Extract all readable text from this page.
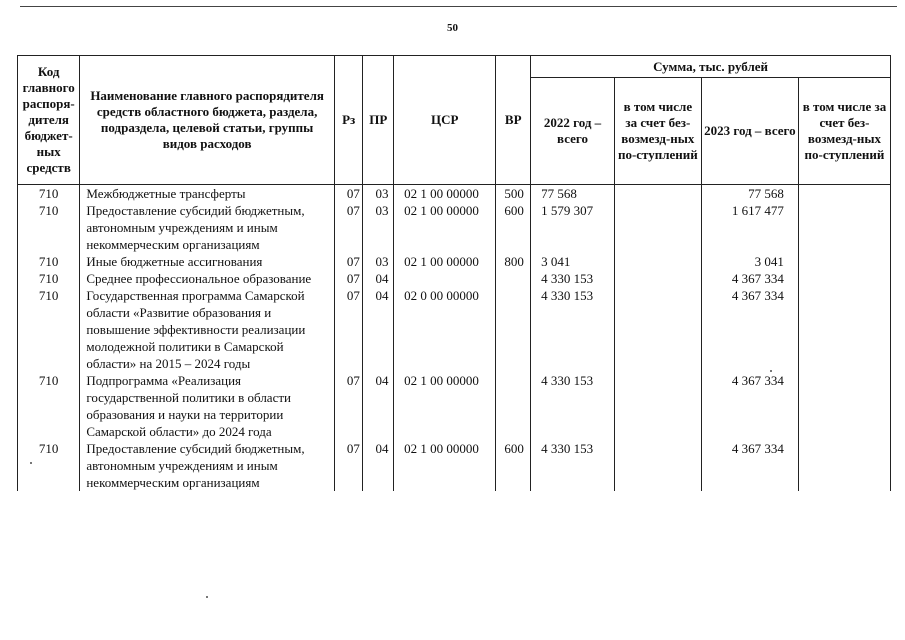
50
Код главного распоря-дителя бюджет-ных средств	Наименование главного распорядителя средств областного бюджета, раздела, подраздела, целевой статьи, группы видов расходов	Рз	ПР	ЦСР	ВР	Сумма, тыс. рублей			
						2022 год – всего	в том числе за счет без-возмезд-ных по-ступлений	2023 год – всего	в том числе за счет без-возмезд-ных по-ступлений
710	Межбюджетные трансферты	07	03	02 1 00 00000	500	77 568		77 568	
710	Предоставление субсидий бюджетным, автономным учреждениям и иным некоммерческим организациям	07	03	02 1 00 00000	600	1 579 307		1 617 477	
710	Иные бюджетные ассигнования	07	03	02 1 00 00000	800	3 041		3 041	
710	Среднее профессиональное образование	07	04			4 330 153		4 367 334	
710	Государственная программа Самарской области «Развитие образования и повышение эффективности реализации молодежной политики в Самарской области» на 2015 – 2024 годы	07	04	02 0 00 00000		4 330 153		4 367 334	
710	Подпрограмма «Реализация государственной политики в области образования и науки на территории Самарской области» до 2024 года	07	04	02 1 00 00000		4 330 153		4 367 334	
710	Предоставление субсидий бюджетным, автономным учреждениям и иным некоммерческим организациям	07	04	02 1 00 00000	600	4 330 153		4 367 334	
